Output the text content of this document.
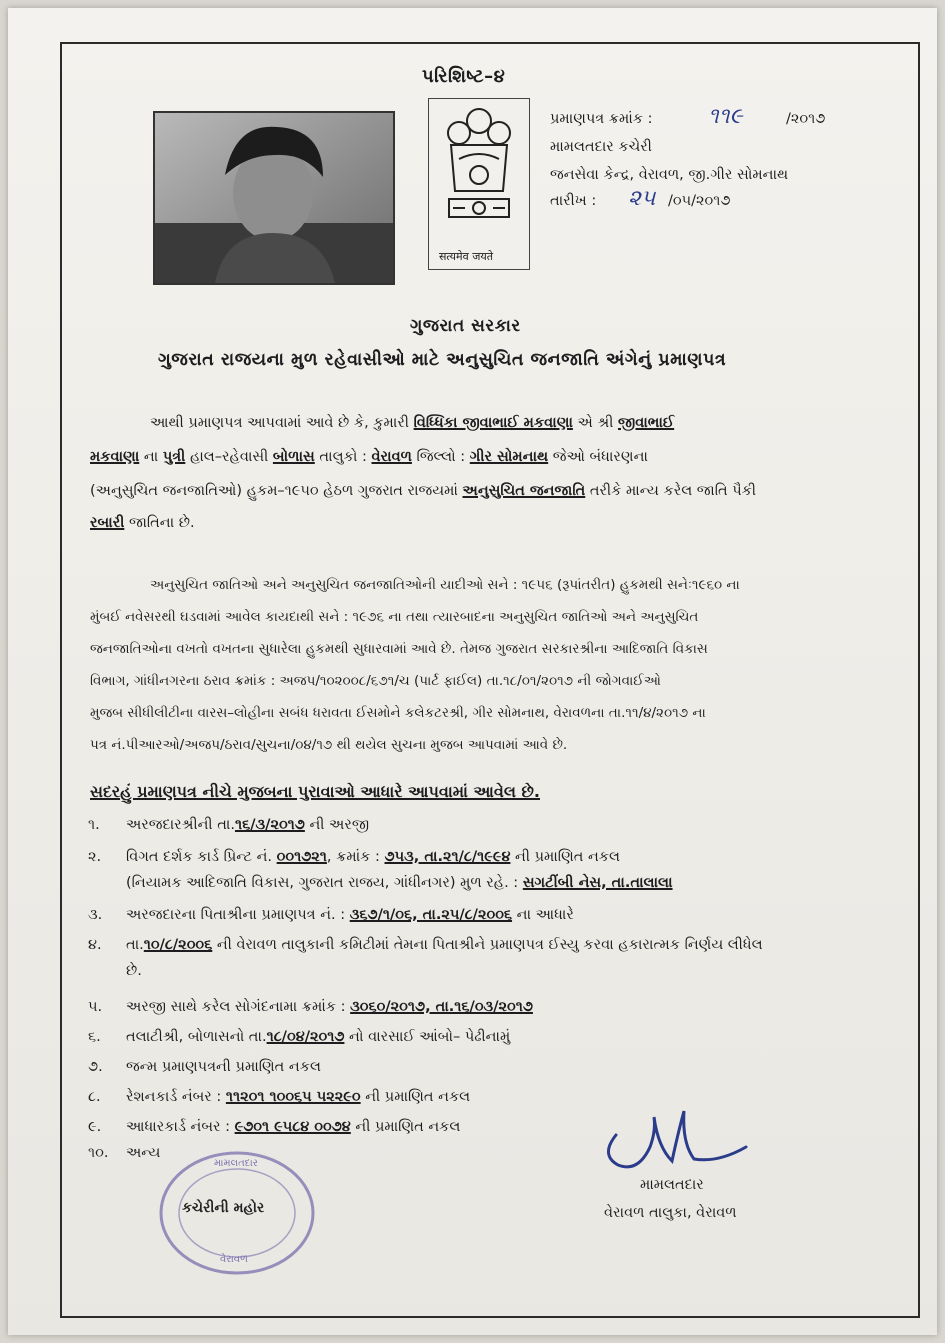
પરિશિષ્ટ–૪
सत्यमेव जयते
પ્રમાણપત્ર ક્રમાંક :	૧૧૯	/૨૦૧૭
મામલતદાર કચેરી
જનસેવા કેન્દ્ર, વેરાવળ, જી.ગીર સોમનાથ
તારીખ : ૨૫ /૦૫/૨૦૧૭
ગુજરાત સરકાર
ગુજરાત રાજયના મુળ રહેવાસીઓ માટે અનુસુચિત જનજાતિ અંગેનું પ્રમાણપત્ર
આથી પ્રમાણપત્ર આપવામાં આવે છે કે, કુમારી વિધ્ધિકા જીવાભાઈ મકવાણા એ શ્રી જીવાભાઈ
મકવાણા ના પુત્રી હાલ–રહેવાસી બોળાસ તાલુકો : વેરાવળ જિલ્લો : ગીર સોમનાથ જેઓ બંધારણના
(અનુસુચિત જનજાતિઓ) હુકમ–૧૯૫૦ હેઠળ ગુજરાત રાજયમાં અનુસુચિત જનજાતિ તરીકે માન્ય કરેલ જાતિ પૈકી
રબારી જાતિના છે.
અનુસુચિત જાતિઓ અને અનુસુચિત જનજાતિઓની યાદીઓ સને : ૧૯૫૬ (રૂપાંતરીત) હુકમથી સનેઃ૧૯૬૦ ના
મુંબઈ નવેસરથી ઘડવામાં આવેલ કાયદાથી સને : ૧૯૭૬ ના તથા ત્યારબાદના અનુસુચિત જાતિઓ અને અનુસુચિત
જનજાતિઓના વખતો વખતના સુધારેલા હુકમથી સુધારવામાં આવે છે. તેમજ ગુજરાત સરકારશ્રીના આદિજાતિ વિકાસ
વિભાગ, ગાંધીનગરના ઠરાવ ક્રમાંક : અજપ/૧૦૨૦૦૮/૬૭૧/ચ (પાર્ટ ફાઈલ) તા.૧૮/૦૧/૨૦૧૭ ની જોગવાઈઓ
મુજબ સીધીલીટીના વારસ–લોહીના સબંધ ધરાવતા ઈસમોને કલેકટરશ્રી, ગીર સોમનાથ, વેરાવળના તા.૧૧/૪/૨૦૧૭ ના
પત્ર નં.પીઆરઓ/અજપ/ઠરાવ/સુચના/૦૪/૧૭ થી થયેલ સુચના મુજબ આપવામાં આવે છે.
સદરહું પ્રમાણપત્ર નીચે મુજબના પુરાવાઓ આધારે આપવામાં આવેલ છે.
૧.	અરજદારશ્રીની તા.૧૬/૩/૨૦૧૭ ની અરજી
૨.	વિગત દર્શક કાર્ડ પ્રિન્ટ નં. ૦૦૧૭૨૧, ક્રમાંક : ૭૫૩, તા.૨૧/૮/૧૯૯૪ ની પ્રમાણિત નકલ
(નિયામક આદિજાતિ વિકાસ, ગુજરાત રાજય, ગાંધીનગર) મુળ રહે. : સગટીંબી નેસ, તા.તાલાલા
૩.	અરજદારના પિતાશ્રીના પ્રમાણપત્ર નં. : ૩૬૭/૧/૦૬, તા.૨૫/૮/૨૦૦૬ ના આધારે
૪.	તા.૧૦/૮/૨૦૦૬ ની વેરાવળ તાલુકાની કમિટીમાં તેમના પિતાશ્રીને પ્રમાણપત્ર ઈસ્યુ કરવા હકારાત્મક નિર્ણય લીધેલ
છે.
૫.	અરજી સાથે કરેલ સોગંદનામા ક્રમાંક : ૩૦૬૦/૨૦૧૭, તા.૧૬/૦૩/૨૦૧૭
૬.	તલાટીશ્રી, બોળાસનો તા.૧૮/૦૪/૨૦૧૭ નો વારસાઈ આંબો– પેઢીનામું
૭.	જન્મ પ્રમાણપત્રની પ્રમાણિત નકલ
૮.	રેશનકાર્ડ નંબર : ૧૧૨૦૧ ૧૦૦૬૫ ૫૨૨૯૦ ની પ્રમાણિત નકલ
૯.	આધારકાર્ડ નંબર : ૯૭૦૧ ૯૫૮૪ ૦૦૭૪ ની પ્રમાણિત નકલ
૧૦.	અન્ય
મામલતદાર
કચેરીની મહોર
વેરાવળ
મામલતદાર
વેરાવળ તાલુકા, વેરાવળ
